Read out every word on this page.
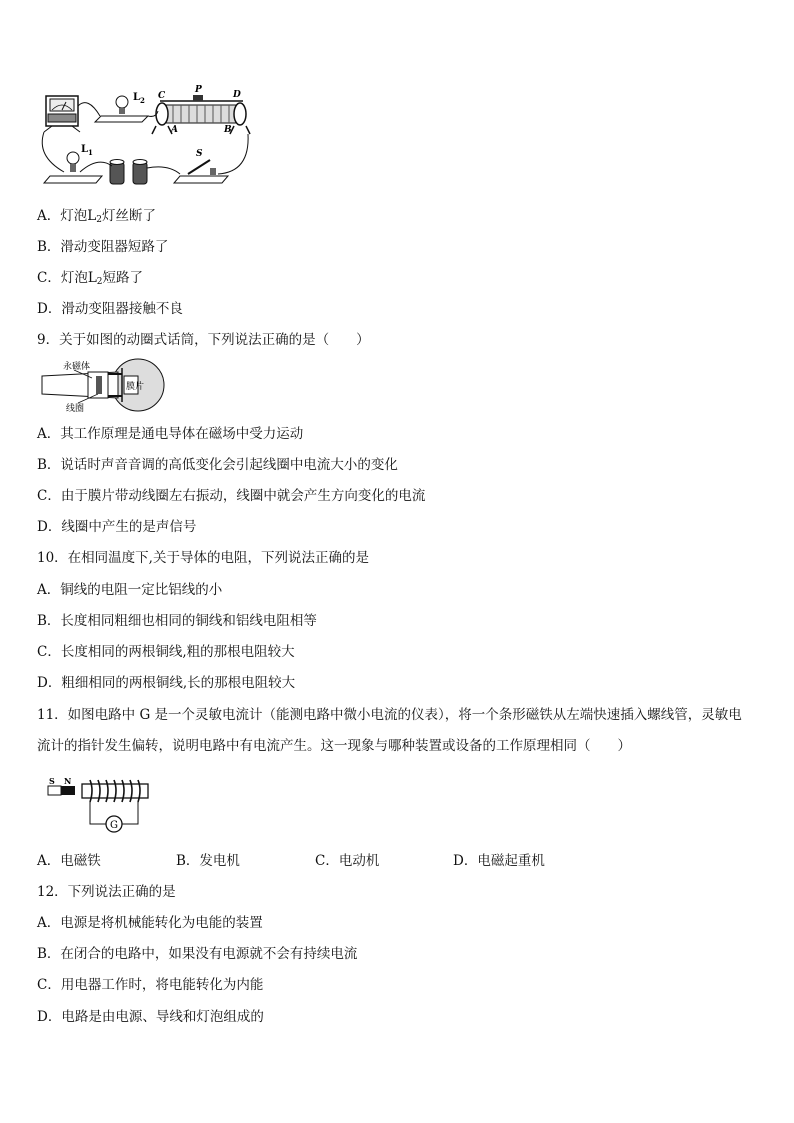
L 2 C
P	D
A	B
L 1	S
A．灯泡$L_2$灯丝断了
B．滑动变阻器短路了
C．灯泡$L_2$短路了
D．滑动变阻器接触不良
9．关于如图的动圈式话筒，下列说法正确的是（　　）
永磁体
线圈
膜片
A．其工作原理是通电导体在磁场中受力运动
B．说话时声音音调的高低变化会引起线圈中电流大小的变化
C．由于膜片带动线圈左右振动，线圈中就会产生方向变化的电流
D．线圈中产生的是声信号
10．在相同温度下,关于导体的电阻，下列说法正确的是
A．铜线的电阻一定比铝线的小
B．长度相同粗细也相同的铜线和铝线电阻相等
C．长度相同的两根铜线,粗的那根电阻较大
D．粗细相同的两根铜线,长的那根电阻较大
11．如图电路中 G 是一个灵敏电流计（能测电路中微小电流的仪表），将一个条形磁铁从左端快速插入螺线管，灵敏电
流计的指针发生偏转，说明电路中有电流产生。这一现象与哪种装置或设备的工作原理相同（　　）
S N
G
A．电磁铁	B．发电机	C．电动机	D．电磁起重机
12．下列说法正确的是
A．电源是将机械能转化为电能的装置
B．在闭合的电路中，如果没有电源就不会有持续电流
C．用电器工作时，将电能转化为内能
D．电路是由电源、导线和灯泡组成的
